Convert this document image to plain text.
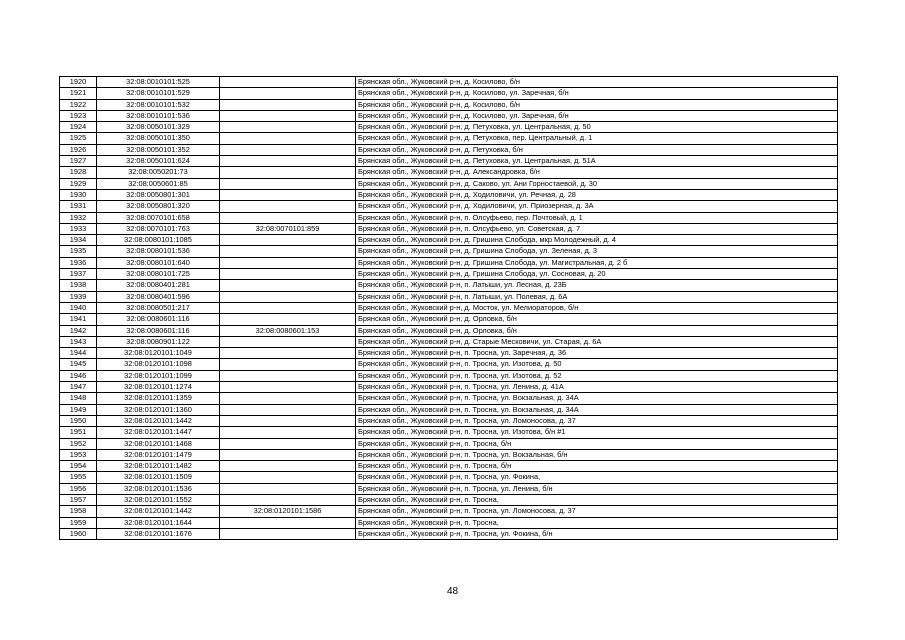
1920	32:08:0010101:525		Брянская обл., Жуковский р-н, д. Косилово, б/н
1921	32:08:0010101:529		Брянская обл., Жуковский р-н, д. Косилово, ул. Заречная, б/н
1922	32:08:0010101:532		Брянская обл., Жуковский р-н, д. Косилово, б/н
1923	32:08:0010101:536		Брянская обл., Жуковский р-н, д. Косилово, ул. Заречная, б/н
1924	32:08:0050101:329		Брянская обл., Жуковский р-н, д. Петуховка, ул. Центральная, д. 50
1925	32:08:0050101:350		Брянская обл., Жуковский р-н, д. Петуховка, пер. Центральный, д. 1
1926	32:08:0050101:352		Брянская обл., Жуковский р-н, д. Петуховка, б/н
1927	32:08:0050101:624		Брянская обл., Жуковский р-н, д. Петуховка, ул. Центральная, д. 51А
1928	32:08:0050201:73		Брянская обл., Жуковский р-н, д. Александровка, б/н
1929	32:08:0050601:85		Брянская обл., Жуковский р-н, д. Саково, ул. Ани Горностаевой, д. 30
1930	32:08:0050801:301		Брянская обл., Жуковский р-н, д. Ходиловичи, ул. Речная, д. 28
1931	32:08:0050801:320		Брянская обл., Жуковский р-н, д. Ходиловичи, ул. Приозерная, д. 3А
1932	32:08:0070101:658		Брянская обл., Жуковский р-н, п. Олсуфьево, пер. Почтовый, д. 1
1933	32:08:0070101:763	32:08:0070101:859	Брянская обл., Жуковский р-н, п. Олсуфьево, ул. Советская, д. 7
1934	32:08:0080101:1085		Брянская обл., Жуковский р-н, д. Гришина Слобода, мкр Молодежный, д. 4
1935	32:08:0080101:536		Брянская обл., Жуковский р-н, д. Гришина Слобода, ул. Зеленая, д. 3
1936	32:08:0080101:640		Брянская обл., Жуковский р-н, д. Гришина Слобода, ул. Магистральная, д. 2 б
1937	32:08:0080101:725		Брянская обл., Жуковский р-н, д. Гришина Слобода, ул. Сосновая, д. 20
1938	32:08:0080401:281		Брянская обл., Жуковский р-н, п. Латыши, ул. Лесная, д. 23Б
1939	32:08:0080401:596		Брянская обл., Жуковский р-н, п. Латыши, ул. Полевая, д. 6А
1940	32:08:0080501:217		Брянская обл., Жуковский р-н, д. Мосток, ул. Мелиораторов, б/н
1941	32:08:0080601:116		Брянская обл., Жуковский р-н, д. Орловка, б/н
1942	32:08:0080601:116	32:08:0080601:153	Брянская обл., Жуковский р-н, д. Орловка, б/н
1943	32:08:0080901:122		Брянская обл., Жуковский р-н, д. Старые Месковичи, ул. Старая, д. 6А
1944	32:08:0120101:1049		Брянская обл., Жуковский р-н, п. Тросна, ул. Заречная, д. 36
1945	32:08:0120101:1098		Брянская обл., Жуковский р-н, п. Тросна, ул. Изотова, д. 50
1946	32:08:0120101:1099		Брянская обл., Жуковский р-н, п. Тросна, ул. Изотова, д. 52
1947	32:08:0120101:1274		Брянская обл., Жуковский р-н, п. Тросна, ул. Ленина, д. 41А
1948	32:08:0120101:1359		Брянская обл., Жуковский р-н, п. Тросна, ул. Вокзальная, д. 34А
1949	32:08:0120101:1360		Брянская обл., Жуковский р-н, п. Тросна, ул. Вокзальная, д. 34А
1950	32:08:0120101:1442		Брянская обл., Жуковский р-н, п. Тросна, ул. Ломоносова, д. 37
1951	32:08:0120101:1447		Брянская обл., Жуковский р-н, п. Тросна, ул. Изотова, б/н #1
1952	32:08:0120101:1468		Брянская обл., Жуковский р-н, п. Тросна, б/н
1953	32:08:0120101:1479		Брянская обл., Жуковский р-н, п. Тросна, ул. Вокзальная, б/н
1954	32:08:0120101:1482		Брянская обл., Жуковский р-н, п. Тросна, б/н
1955	32:08:0120101:1509		Брянская обл., Жуковский р-н, п. Тросна, ул. Фокина,
1956	32:08:0120101:1536		Брянская обл., Жуковский р-н, п. Тросна, ул. Ленина, б/н
1957	32:08:0120101:1552		Брянская обл., Жуковский р-н, п. Тросна,
1958	32:08:0120101:1442	32:08:0120101:1586	Брянская обл., Жуковский р-н, п. Тросна, ул. Ломоносова, д. 37
1959	32:08:0120101:1644		Брянская обл., Жуковский р-н, п. Тросна,
1960	32:08:0120101:1676		Брянская обл., Жуковский р-н, п. Тросна, ул. Фокина, б/н
48
